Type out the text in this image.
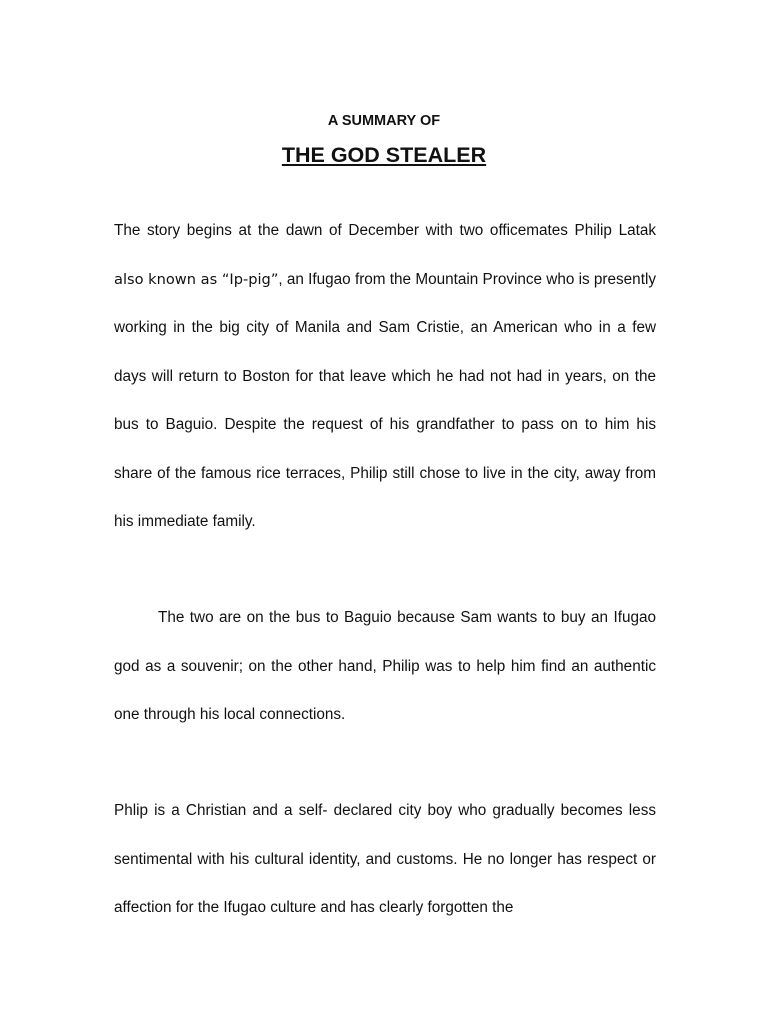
A SUMMARY OF
THE GOD STEALER

The story begins at the dawn of December with two officemates Philip Latak also known as “Ip-pig”, an Ifugao from the Mountain Province who is presently working in the big city of Manila and Sam Cristie, an American who in a few days will return to Boston for that leave which he had not had in years, on the bus to Baguio. Despite the request of his grandfather to pass on to him his share of the famous rice terraces, Philip still chose to live in the city, away from his immediate family.

The two are on the bus to Baguio because Sam wants to buy an Ifugao god as a souvenir; on the other hand, Philip was to help him find an authentic one through his local connections.

Phlip is a Christian and a self- declared city boy who gradually becomes less sentimental with his cultural identity, and customs. He no longer has respect or affection for the Ifugao culture and has clearly forgotten the
